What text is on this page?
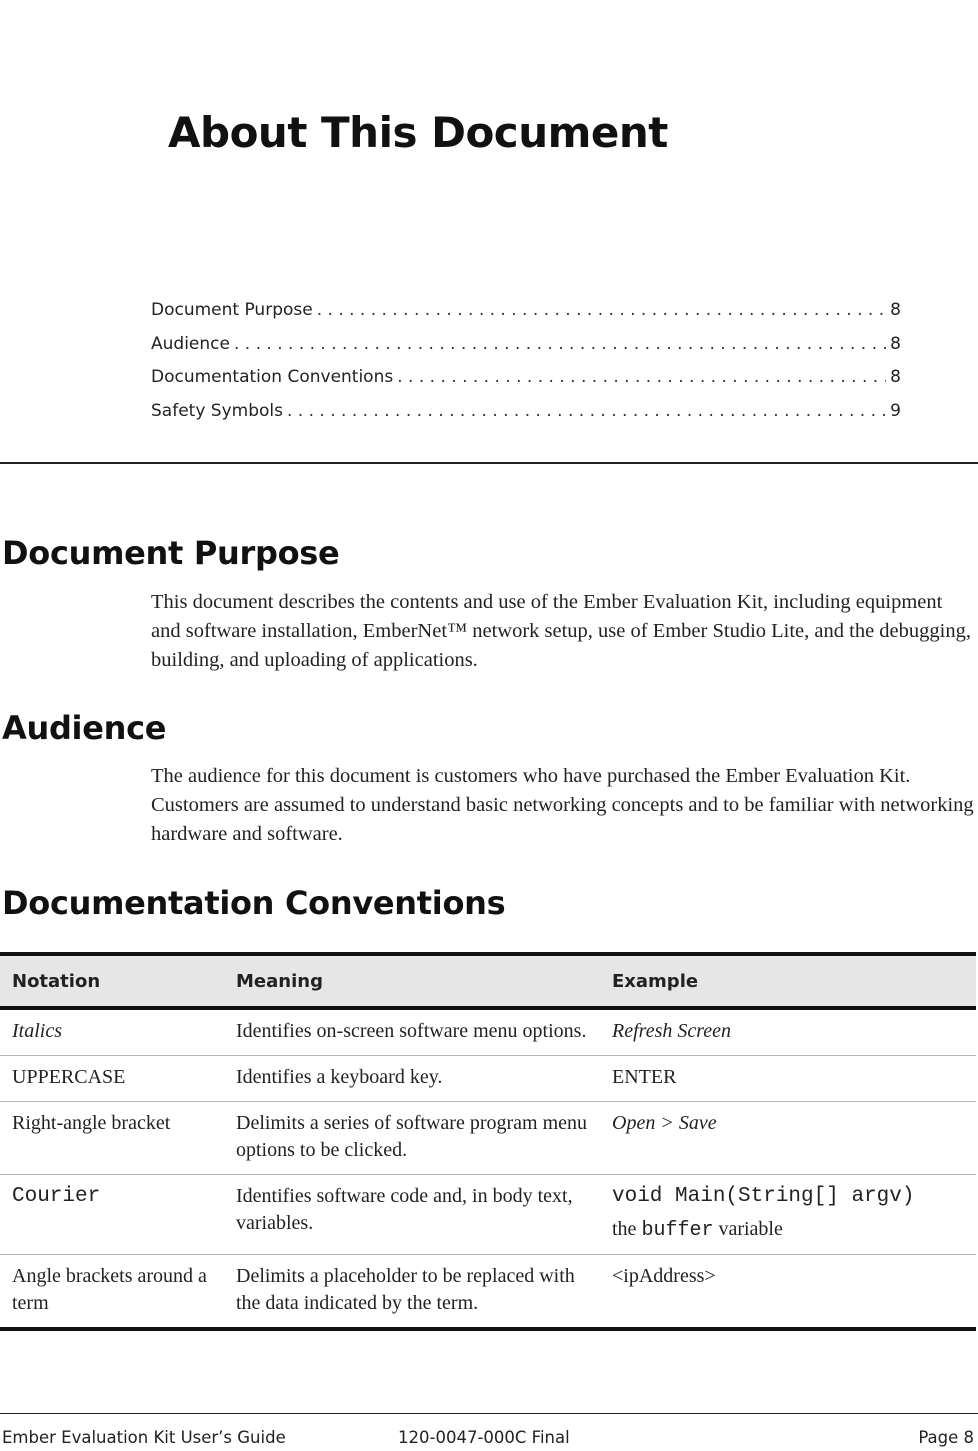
About This Document
Document Purpose . . .	8
Audience . . .	8
Documentation Conventions . . .	8
Safety Symbols . . .	9
Document Purpose

This document describes the contents and use of the Ember Evaluation Kit, including equipment and software installation, EmberNet™ network setup, use of Ember Studio Lite, and the debugging, building, and uploading of applications.

Audience

The audience for this document is customers who have purchased the Ember Evaluation Kit. Customers are assumed to understand basic networking concepts and to be familiar with networking hardware and software.

Documentation Conventions
Notation	Meaning	Example
Italics	Identifies on-screen software menu options.	Refresh Screen
UPPERCASE	Identifies a keyboard key.	ENTER
Right-angle bracket	Delimits a series of software program menu options to be clicked.	Open > Save
Courier	Identifies software code and, in body text, variables.	void Main(String[] argv)
the buffer variable

Angle brackets around a term	Delimits a placeholder to be replaced with the data indicated by the term.	<ipAddress>

Ember Evaluation Kit User’s Guide	120-0047-000C Final	Page 8
